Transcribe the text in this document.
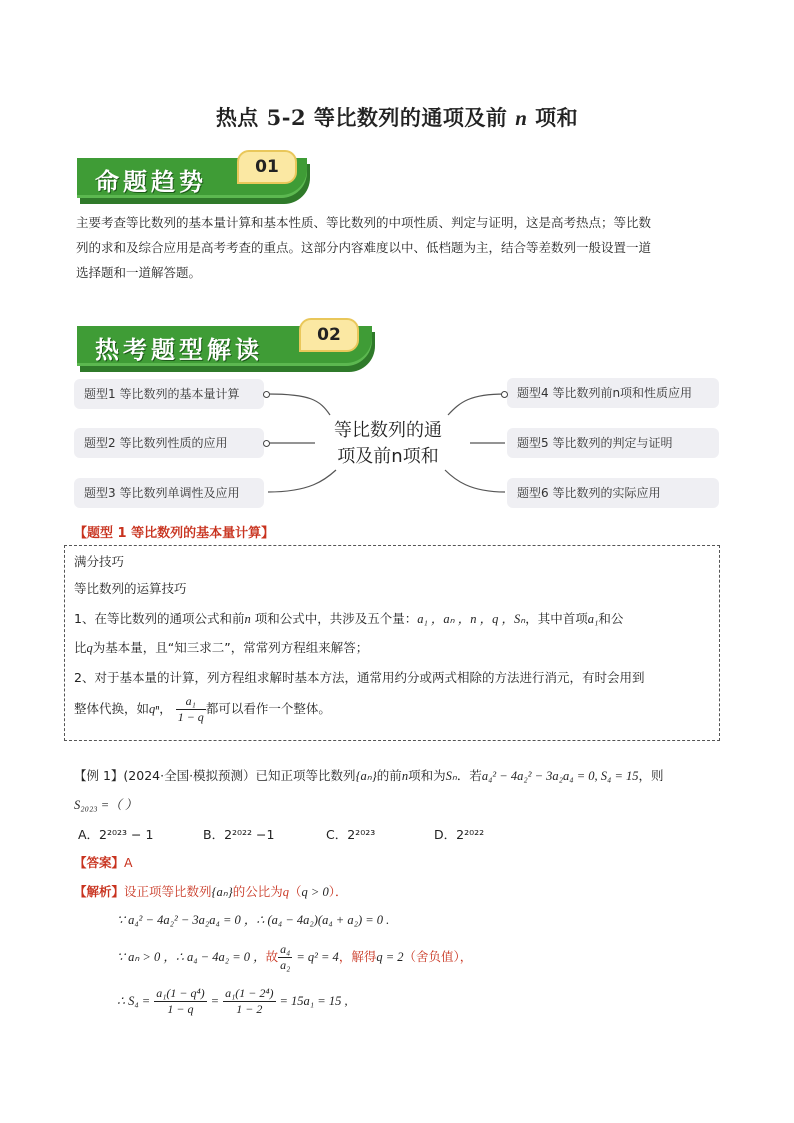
热点 5-2 等比数列的通项及前 n 项和
命题趋势	01
主要考查等比数列的基本量计算和基本性质、等比数列的中项性质、判定与证明，这是高考热点；等比数
列的求和及综合应用是高考考查的重点。这部分内容难度以中、低档题为主，结合等差数列一般设置一道
选择题和一道解答题。
热考题型解读	02
题型1 等比数列的基本量计算
题型2 等比数列性质的应用
题型3 等比数列单调性及应用
题型4 等比数列前n项和性质应用
题型5 等比数列的判定与证明
题型6 等比数列的实际应用
等比数列的通
项及前n项和
【题型 1 等比数列的基本量计算】
满分技巧
等比数列的运算技巧
1、在等比数列的通项公式和前n 项和公式中，共涉及五个量：a₁ ，aₙ ，n ，q ，Sₙ，其中首项a₁和公
比q为基本量，且“知三求二”，常常列方程组来解答；
2、对于基本量的计算，列方程组求解时基本方法，通常用约分或两式相除的方法进行消元，有时会用到
整体代换，如qⁿ， $\frac{\text{a₁}}{1 - q}$ 都可以看作一个整体。
【例 1】(2024·全国·模拟预测）已知正项等比数列{aₙ}的前n项和为Sₙ．若a₄² − 4a₂² − 3a₂a₄ = 0, S₄ = 15，则
S₂₀₂₃ =（ ）
A．2²⁰²³ − 1	B．2²⁰²² −1	C．2²⁰²³	D．2²⁰²²
【答案】A
【解析】设正项等比数列{aₙ}的公比为q（q > 0）．
∵ a₄² − 4a₂² − 3a₂a₄ = 0 ，∴ (a₄ − 4a₂)(a₄ + a₂) = 0 .
∵ aₙ > 0 ，∴ a₄ − 4a₂ = 0 ，故 $\frac{\text{a₄}}{\text{a₂}} = q^2 = 4$，解得q = 2（舍负值），
∴ $S_4 = \frac{\text{a₁(1 − q⁴)}}{1 - q} = \frac{\text{a₁(1 − 2⁴)}}{1 - 2} = 15a_1 = 15$ ,
